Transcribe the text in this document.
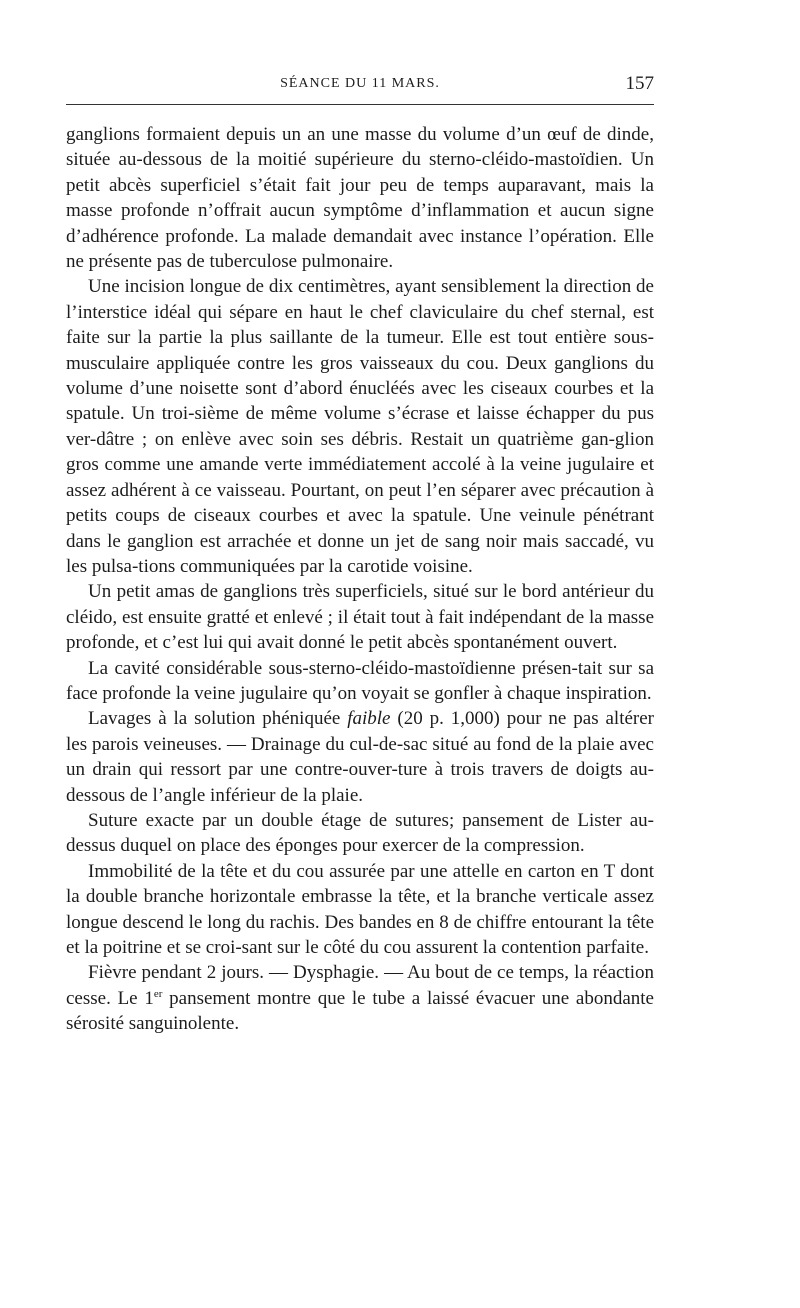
SÉANCE DU 11 MARS.	157

ganglions formaient depuis un an une masse du volume d’un œuf de dinde, située au-dessous de la moitié supérieure du sterno-cléido-mastoïdien. Un petit abcès superficiel s’était fait jour peu de temps auparavant, mais la masse profonde n’offrait aucun symptôme d’inflammation et aucun signe d’adhérence profonde. La malade demandait avec instance l’opération. Elle ne présente pas de tuberculose pulmonaire.

Une incision longue de dix centimètres, ayant sensiblement la direction de l’interstice idéal qui sépare en haut le chef claviculaire du chef sternal, est faite sur la partie la plus saillante de la tumeur. Elle est tout entière sous-musculaire appliquée contre les gros vaisseaux du cou. Deux ganglions du volume d’une noisette sont d’abord énucléés avec les ciseaux courbes et la spatule. Un troi-sième de même volume s’écrase et laisse échapper du pus ver-dâtre ; on enlève avec soin ses débris. Restait un quatrième gan-glion gros comme une amande verte immédiatement accolé à la veine jugulaire et assez adhérent à ce vaisseau. Pourtant, on peut l’en séparer avec précaution à petits coups de ciseaux courbes et avec la spatule. Une veinule pénétrant dans le ganglion est arrachée et donne un jet de sang noir mais saccadé, vu les pulsa-tions communiquées par la carotide voisine.

Un petit amas de ganglions très superficiels, situé sur le bord antérieur du cléido, est ensuite gratté et enlevé ; il était tout à fait indépendant de la masse profonde, et c’est lui qui avait donné le petit abcès spontanément ouvert.

La cavité considérable sous-sterno-cléido-mastoïdienne présen-tait sur sa face profonde la veine jugulaire qu’on voyait se gonfler à chaque inspiration.

Lavages à la solution phéniquée faible (20 p. 1,000) pour ne pas altérer les parois veineuses. — Drainage du cul-de-sac situé au fond de la plaie avec un drain qui ressort par une contre-ouver-ture à trois travers de doigts au-dessous de l’angle inférieur de la plaie.

Suture exacte par un double étage de sutures; pansement de Lister au-dessus duquel on place des éponges pour exercer de la compression.

Immobilité de la tête et du cou assurée par une attelle en carton en T dont la double branche horizontale embrasse la tête, et la branche verticale assez longue descend le long du rachis. Des bandes en 8 de chiffre entourant la tête et la poitrine et se croi-sant sur le côté du cou assurent la contention parfaite.

Fièvre pendant 2 jours. — Dysphagie. — Au bout de ce temps, la réaction cesse. Le 1er pansement montre que le tube a laissé évacuer une abondante sérosité sanguinolente.
